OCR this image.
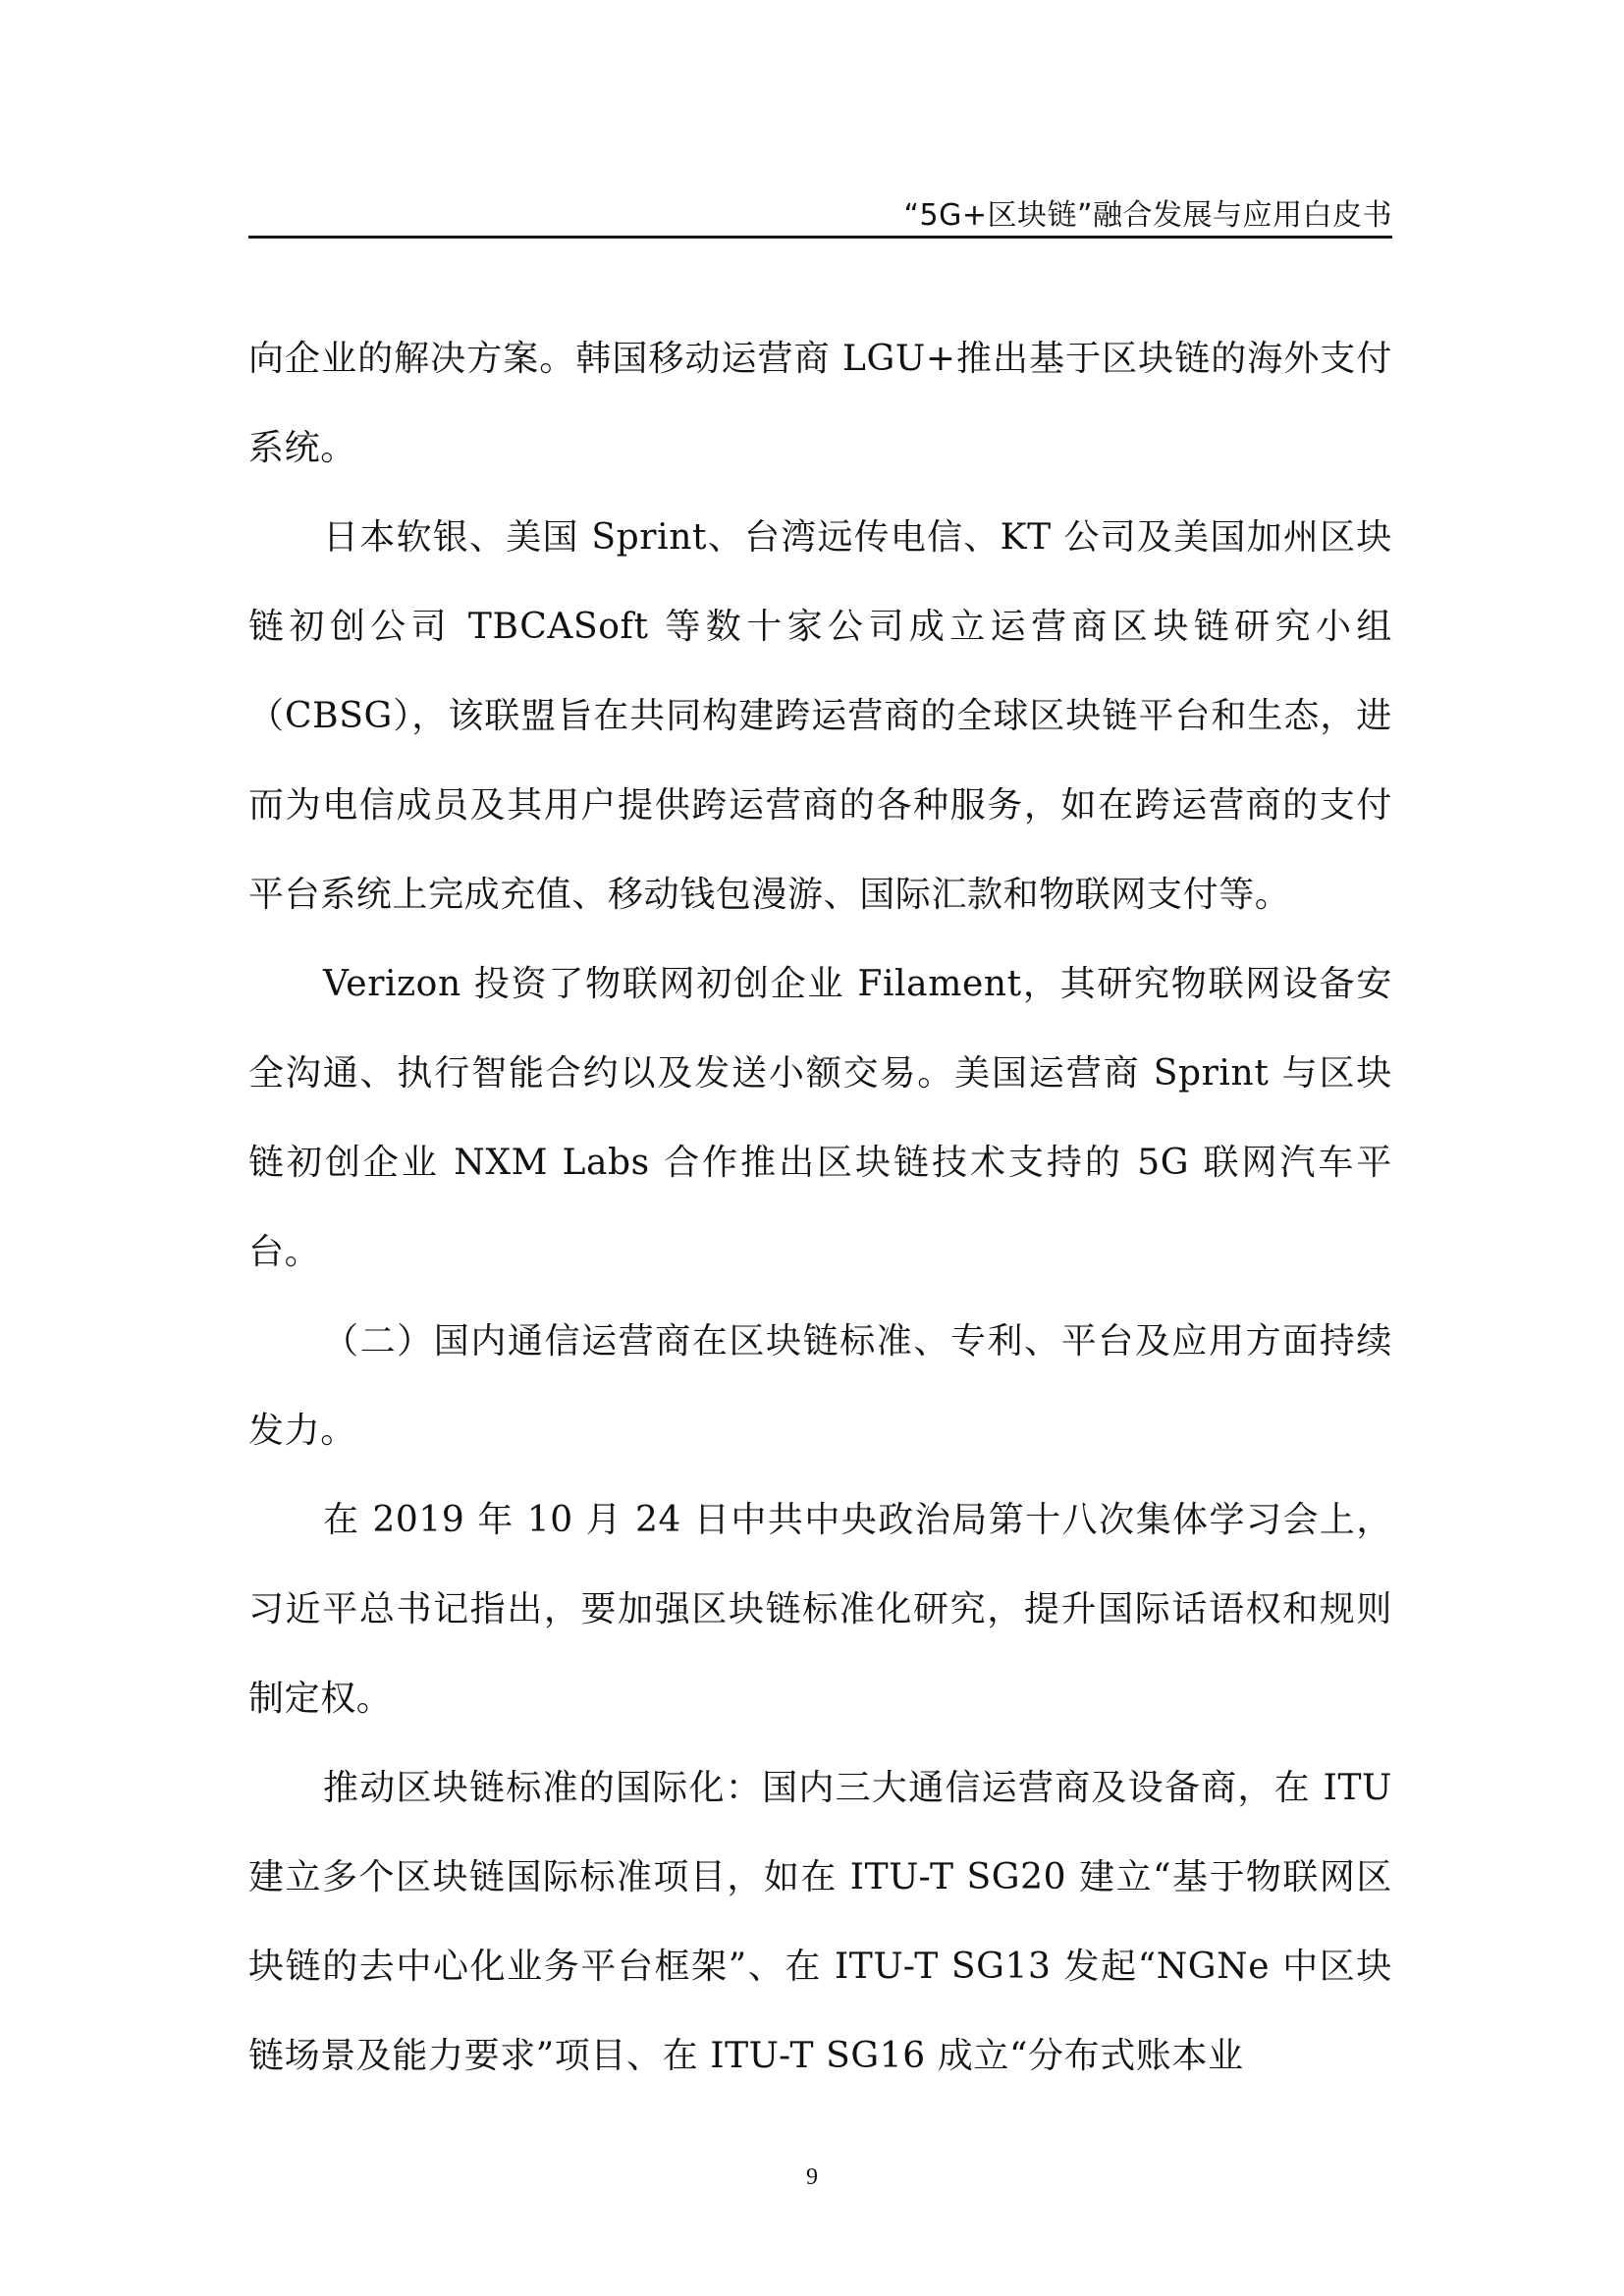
“5G+区块链”融合发展与应用白皮书

向企业的解决方案。韩国移动运营商 LGU+推出基于区块链的海外支付系统。

日本软银、美国 Sprint、台湾远传电信、KT 公司及美国加州区块链初创公司 TBCASoft 等数十家公司成立运营商区块链研究小组（CBSG），该联盟旨在共同构建跨运营商的全球区块链平台和生态，进而为电信成员及其用户提供跨运营商的各种服务，如在跨运营商的支付平台系统上完成充值、移动钱包漫游、国际汇款和物联网支付等。

Verizon 投资了物联网初创企业 Filament，其研究物联网设备安全沟通、执行智能合约以及发送小额交易。美国运营商 Sprint 与区块链初创企业 NXM Labs 合作推出区块链技术支持的 5G 联网汽车平台。

（二）国内通信运营商在区块链标准、专利、平台及应用方面持续发力。

在 2019 年 10 月 24 日中共中央政治局第十八次集体学习会上，习近平总书记指出，要加强区块链标准化研究，提升国际话语权和规则制定权。

推动区块链标准的国际化：国内三大通信运营商及设备商，在 ITU 建立多个区块链国际标准项目，如在 ITU-T SG20 建立“基于物联网区块链的去中心化业务平台框架”、在 ITU-T SG13 发起“NGNe 中区块链场景及能力要求”项目、在 ITU-T SG16 成立“分布式账本业

9
